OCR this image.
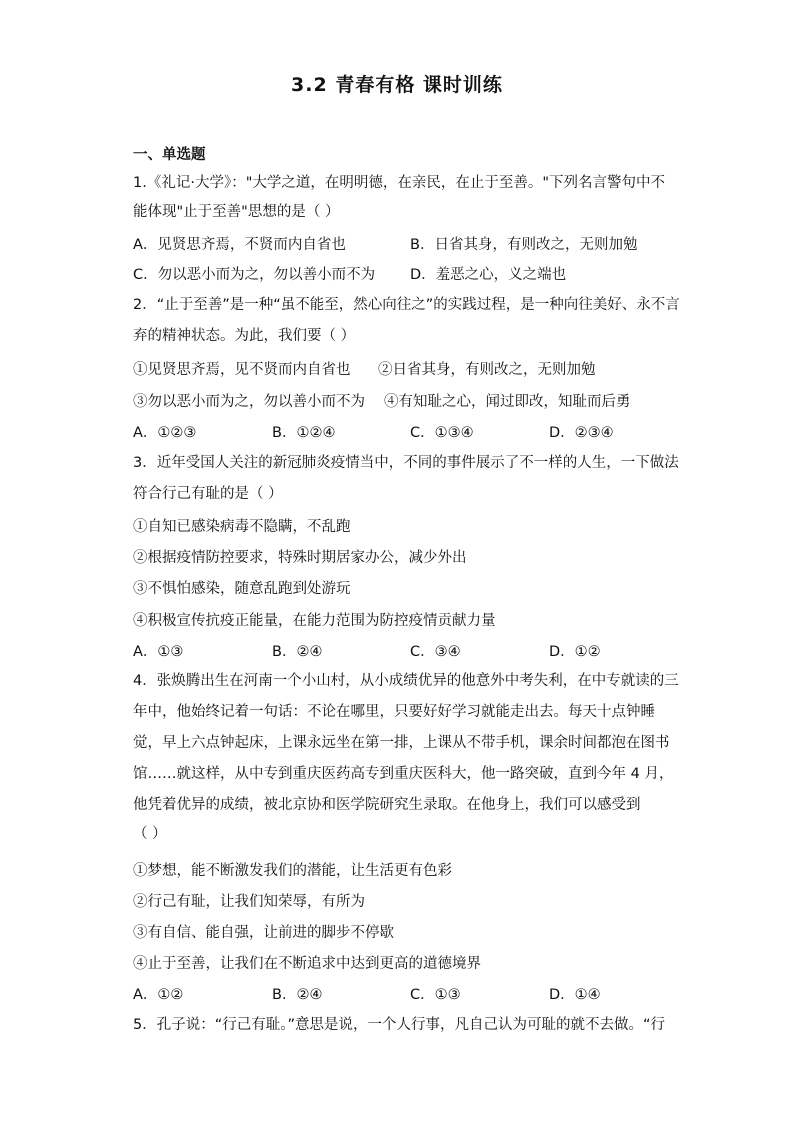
3.2 青春有格 课时训练
一、单选题
1.《礼记·大学》："大学之道，在明明德，在亲民，在止于至善。"下列名言警句中不
能体现"止于至善"思想的是（ ）
A．见贤思齐焉，不贤而内自省也	B．日省其身，有则改之，无则加勉
C．勿以恶小而为之，勿以善小而不为 D．羞恶之心，义之端也
2．“止于至善”是一种“虽不能至，然心向往之”的实践过程，是一种向往美好、永不言
弃的精神状态。为此，我们要（ ）
①见贤思齐焉，见不贤而内自省也 ②日省其身，有则改之，无则加勉
③勿以恶小而为之，勿以善小而不为 ④有知耻之心，闻过即改，知耻而后勇
A．①②③	B．①②④	C．①③④	D．②③④
3．近年受国人关注的新冠肺炎疫情当中，不同的事件展示了不一样的人生，一下做法
符合行己有耻的是（ ）
①自知已感染病毒不隐瞒，不乱跑
②根据疫情防控要求，特殊时期居家办公，减少外出
③不惧怕感染，随意乱跑到处游玩
④积极宣传抗疫正能量，在能力范围为防控疫情贡献力量
A．①③	B．②④	C．③④	D．①②
4．张焕腾出生在河南一个小山村，从小成绩优异的他意外中考失利，在中专就读的三
年中，他始终记着一句话：不论在哪里，只要好好学习就能走出去。每天十点钟睡
觉，早上六点钟起床，上课永远坐在第一排，上课从不带手机，课余时间都泡在图书
馆……就这样，从中专到重庆医药高专到重庆医科大，他一路突破，直到今年 4 月，
他凭着优异的成绩，被北京协和医学院研究生录取。在他身上，我们可以感受到
（ ）
①梦想，能不断激发我们的潜能，让生活更有色彩
②行己有耻，让我们知荣辱，有所为
③有自信、能自强，让前进的脚步不停歇
④止于至善，让我们在不断追求中达到更高的道德境界
A．①②	B．②④	C．①③	D．①④
5．孔子说：“行己有耻。”意思是说，一个人行事，凡自己认为可耻的就不去做。“行
